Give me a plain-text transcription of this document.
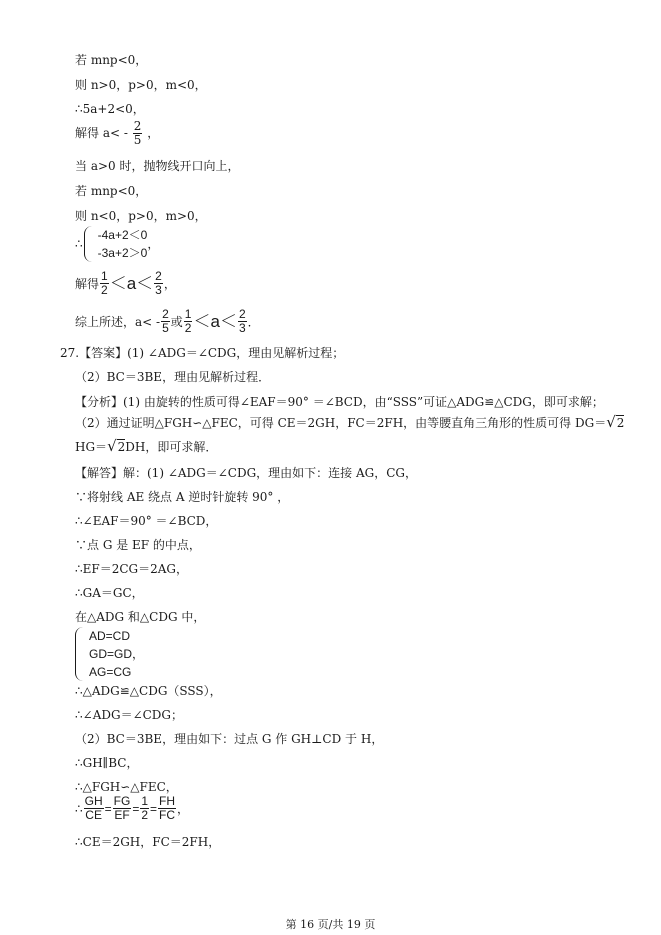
若 mnp<0，
则 n>0，p>0，m<0，
∴5a+2<0，
解得 $a< - \frac{2}{5}$ ，
当 a>0 时，抛物线开口向上，
若 mnp<0，
则 n<0，p>0，m>0，
∴
-4a+2＜0
-3a+2＞0
，
解得 $\frac{1}{2} <a< \frac{2}{3}$ ，
综上所述，$a< - \frac{2}{5}$ 或 $\frac{1}{2} <a< \frac{2}{3}$ ．
27.【答案】(1) ∠ADG＝∠CDG，理由见解析过程；
（2）BC＝3BE，理由见解析过程．
【分析】(1) 由旋转的性质可得∠EAF＝90° ＝∠BCD，由“SSS”可证△ADG≌△CDG，即可求解；
（2）通过证明△FGH∽△FEC，可得 CE＝2GH，FC＝2FH，由等腰直角三角形的性质可得 DG＝√2
HG＝√2DH，即可求解．
【解答】解：(1) ∠ADG＝∠CDG，理由如下：连接 AG，CG，
∵将射线 AE 绕点 A 逆时针旋转 90° ，
∴∠EAF＝90° ＝∠BCD，
∵点 G 是 EF 的中点，
∴EF＝2CG＝2AG，
∴GA＝GC，
在△ADG 和△CDG 中，
AD=CD
GD=GD，
AG=CG
∴△ADG≌△CDG（SSS），
∴∠ADG＝∠CDG；
（2）BC＝3BE，理由如下：过点 G 作 GH⊥CD 于 H，
∴GH∥BC，
∴△FGH∽△FEC，
∴ $\frac{GH}{CE} = \frac{FG}{EF} = \frac{1}{2} = \frac{FH}{FC}$ ，
∴CE＝2GH，FC＝2FH，
第 16 页/共 19 页
